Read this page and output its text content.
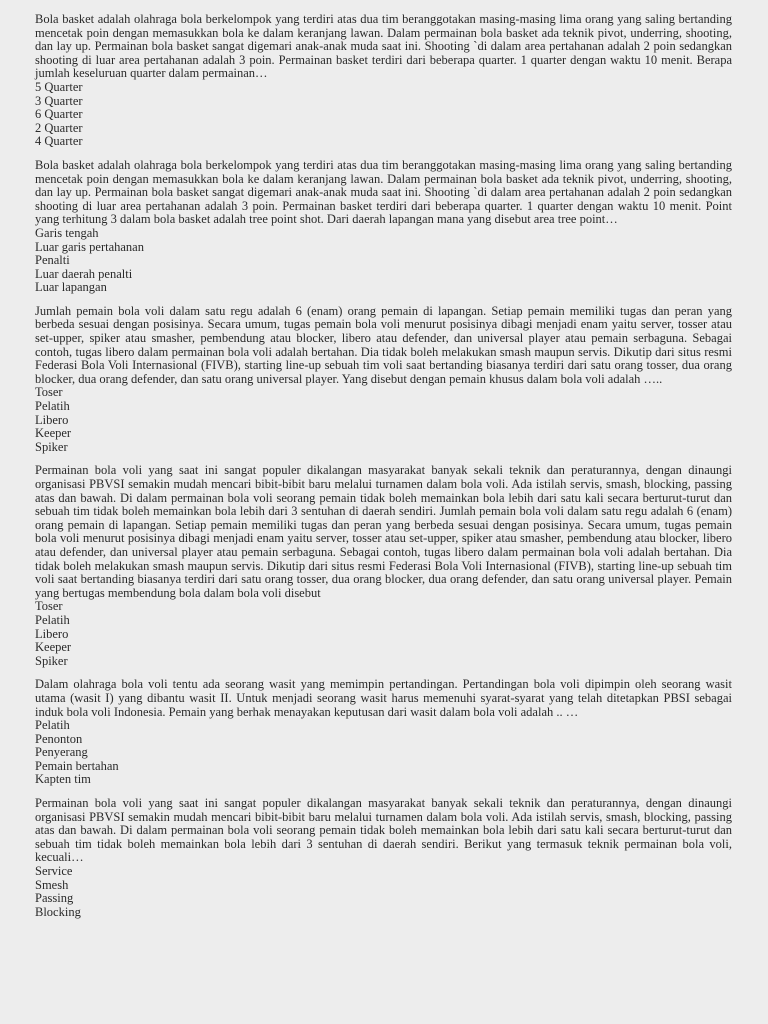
Bola basket adalah olahraga bola berkelompok yang terdiri atas dua tim beranggotakan masing-masing lima orang yang saling bertanding mencetak poin dengan memasukkan bola ke dalam keranjang lawan. Dalam permainan bola basket ada teknik pivot, underring, shooting, dan lay up. Permainan bola basket sangat digemari anak-anak muda saat ini. Shooting `di dalam area pertahanan adalah 2 poin sedangkan shooting di luar area pertahanan adalah 3 poin. Permainan basket terdiri dari beberapa quarter. 1 quarter dengan waktu 10 menit. Berapa jumlah keseluruan quarter dalam permainan…

5 Quarter
3 Quarter
6 Quarter
2 Quarter
4 Quarter

Bola basket adalah olahraga bola berkelompok yang terdiri atas dua tim beranggotakan masing-masing lima orang yang saling bertanding mencetak poin dengan memasukkan bola ke dalam keranjang lawan. Dalam permainan bola basket ada teknik pivot, underring, shooting, dan lay up. Permainan bola basket sangat digemari anak-anak muda saat ini. Shooting `di dalam area pertahanan adalah 2 poin sedangkan shooting di luar area pertahanan adalah 3 poin. Permainan basket terdiri dari beberapa quarter. 1 quarter dengan waktu 10 menit. Point yang terhitung 3 dalam bola basket adalah tree point shot. Dari daerah lapangan mana yang disebut area tree point…

Garis tengah
Luar garis pertahanan
Penalti
Luar daerah penalti
Luar lapangan

Jumlah pemain bola voli dalam satu regu adalah 6 (enam) orang pemain di lapangan. Setiap pemain memiliki tugas dan peran yang berbeda sesuai dengan posisinya. Secara umum, tugas pemain bola voli menurut posisinya dibagi menjadi enam yaitu server, tosser atau set-upper, spiker atau smasher, pembendung atau blocker, libero atau defender, dan universal player atau pemain serbaguna. Sebagai contoh, tugas libero dalam permainan bola voli adalah bertahan. Dia tidak boleh melakukan smash maupun servis. Dikutip dari situs resmi Federasi Bola Voli Internasional (FIVB), starting line-up sebuah tim voli saat bertanding biasanya terdiri dari satu orang tosser, dua orang blocker, dua orang defender, dan satu orang universal player. Yang disebut dengan pemain khusus dalam bola voli adalah …..

Toser
Pelatih
Libero
Keeper
Spiker

Permainan bola voli yang saat ini sangat populer dikalangan masyarakat banyak sekali teknik dan peraturannya, dengan dinaungi organisasi PBVSI semakin mudah mencari bibit-bibit baru melalui turnamen dalam bola voli. Ada istilah servis, smash, blocking, passing atas dan bawah. Di dalam permainan bola voli seorang pemain tidak boleh memainkan bola lebih dari satu kali secara berturut-turut dan sebuah tim tidak boleh memainkan bola lebih dari 3 sentuhan di daerah sendiri. Jumlah pemain bola voli dalam satu regu adalah 6 (enam) orang pemain di lapangan. Setiap pemain memiliki tugas dan peran yang berbeda sesuai dengan posisinya. Secara umum, tugas pemain bola voli menurut posisinya dibagi menjadi enam yaitu server, tosser atau set-upper, spiker atau smasher, pembendung atau blocker, libero atau defender, dan universal player atau pemain serbaguna. Sebagai contoh, tugas libero dalam permainan bola voli adalah bertahan. Dia tidak boleh melakukan smash maupun servis. Dikutip dari situs resmi Federasi Bola Voli Internasional (FIVB), starting line-up sebuah tim voli saat bertanding biasanya terdiri dari satu orang tosser, dua orang blocker, dua orang defender, dan satu orang universal player. Pemain yang bertugas membendung bola dalam bola voli disebut

Toser
Pelatih
Libero
Keeper
Spiker

Dalam olahraga bola voli tentu ada seorang wasit yang memimpin pertandingan. Pertandingan bola voli dipimpin oleh seorang wasit utama (wasit I) yang dibantu wasit II. Untuk menjadi seorang wasit harus memenuhi syarat-syarat yang telah ditetapkan PBSI sebagai induk bola voli Indonesia. Pemain yang berhak menayakan keputusan dari wasit dalam bola voli adalah .. …

Pelatih
Penonton
Penyerang
Pemain bertahan
Kapten tim

Permainan bola voli yang saat ini sangat populer dikalangan masyarakat banyak sekali teknik dan peraturannya, dengan dinaungi organisasi PBVSI semakin mudah mencari bibit-bibit baru melalui turnamen dalam bola voli. Ada istilah servis, smash, blocking, passing atas dan bawah. Di dalam permainan bola voli seorang pemain tidak boleh memainkan bola lebih dari satu kali secara berturut-turut dan sebuah tim tidak boleh memainkan bola lebih dari 3 sentuhan di daerah sendiri. Berikut yang termasuk teknik permainan bola voli, kecuali…

Service
Smesh
Passing
Blocking
